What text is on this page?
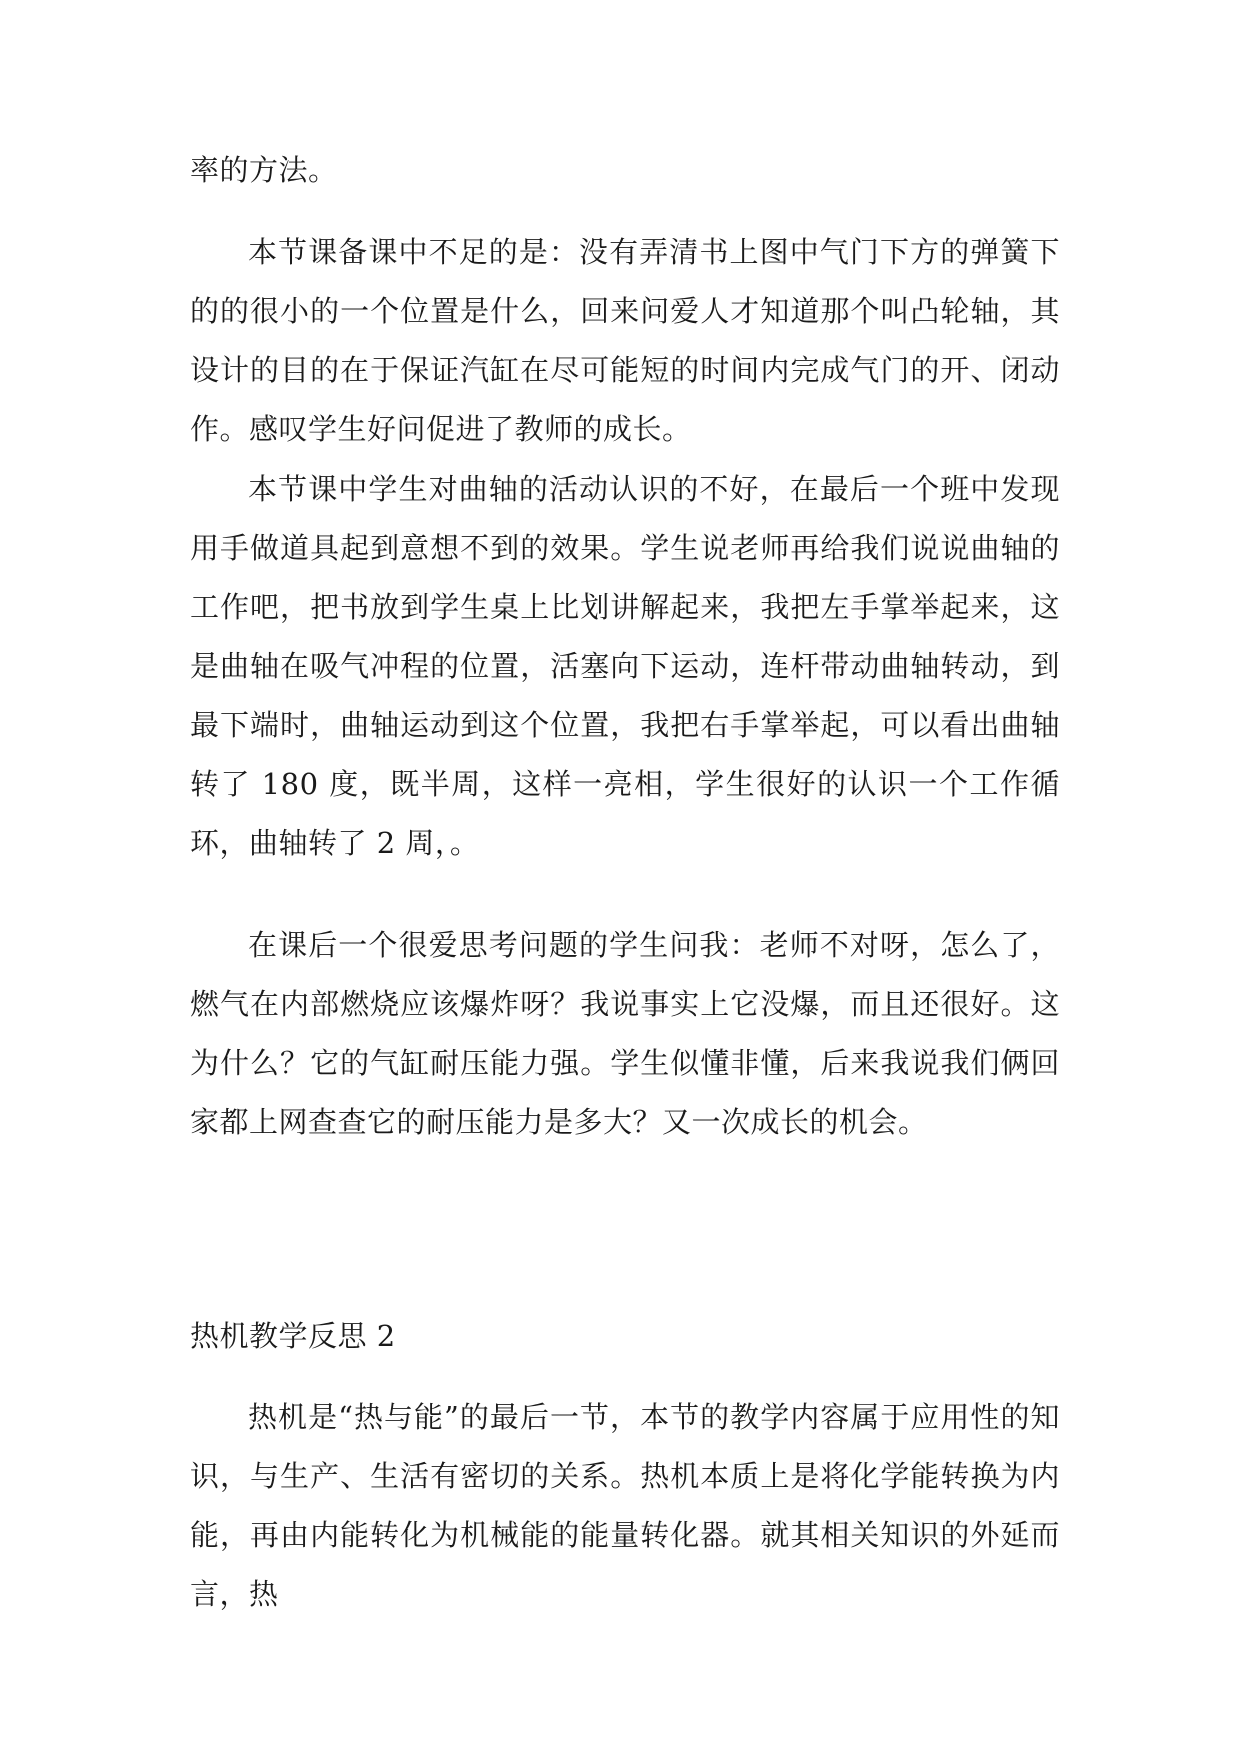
率的方法。

本节课备课中不足的是：没有弄清书上图中气门下方的弹簧下的的很小的一个位置是什么，回来问爱人才知道那个叫凸轮轴，其设计的目的在于保证汽缸在尽可能短的时间内完成气门的开、闭动作。感叹学生好问促进了教师的成长。

本节课中学生对曲轴的活动认识的不好，在最后一个班中发现用手做道具起到意想不到的效果。学生说老师再给我们说说曲轴的工作吧，把书放到学生桌上比划讲解起来，我把左手掌举起来，这是曲轴在吸气冲程的位置，活塞向下运动，连杆带动曲轴转动，到最下端时，曲轴运动到这个位置，我把右手掌举起，可以看出曲轴转了 180 度，既半周，这样一亮相，学生很好的认识一个工作循环，曲轴转了 2 周，。

在课后一个很爱思考问题的学生问我：老师不对呀，怎么了，燃气在内部燃烧应该爆炸呀？我说事实上它没爆，而且还很好。这为什么？它的气缸耐压能力强。学生似懂非懂，后来我说我们俩回家都上网查查它的耐压能力是多大？又一次成长的机会。

热机教学反思 2

热机是“热与能”的最后一节，本节的教学内容属于应用性的知识，与生产、生活有密切的关系。热机本质上是将化学能转换为内能，再由内能转化为机械能的能量转化器。就其相关知识的外延而言，热
